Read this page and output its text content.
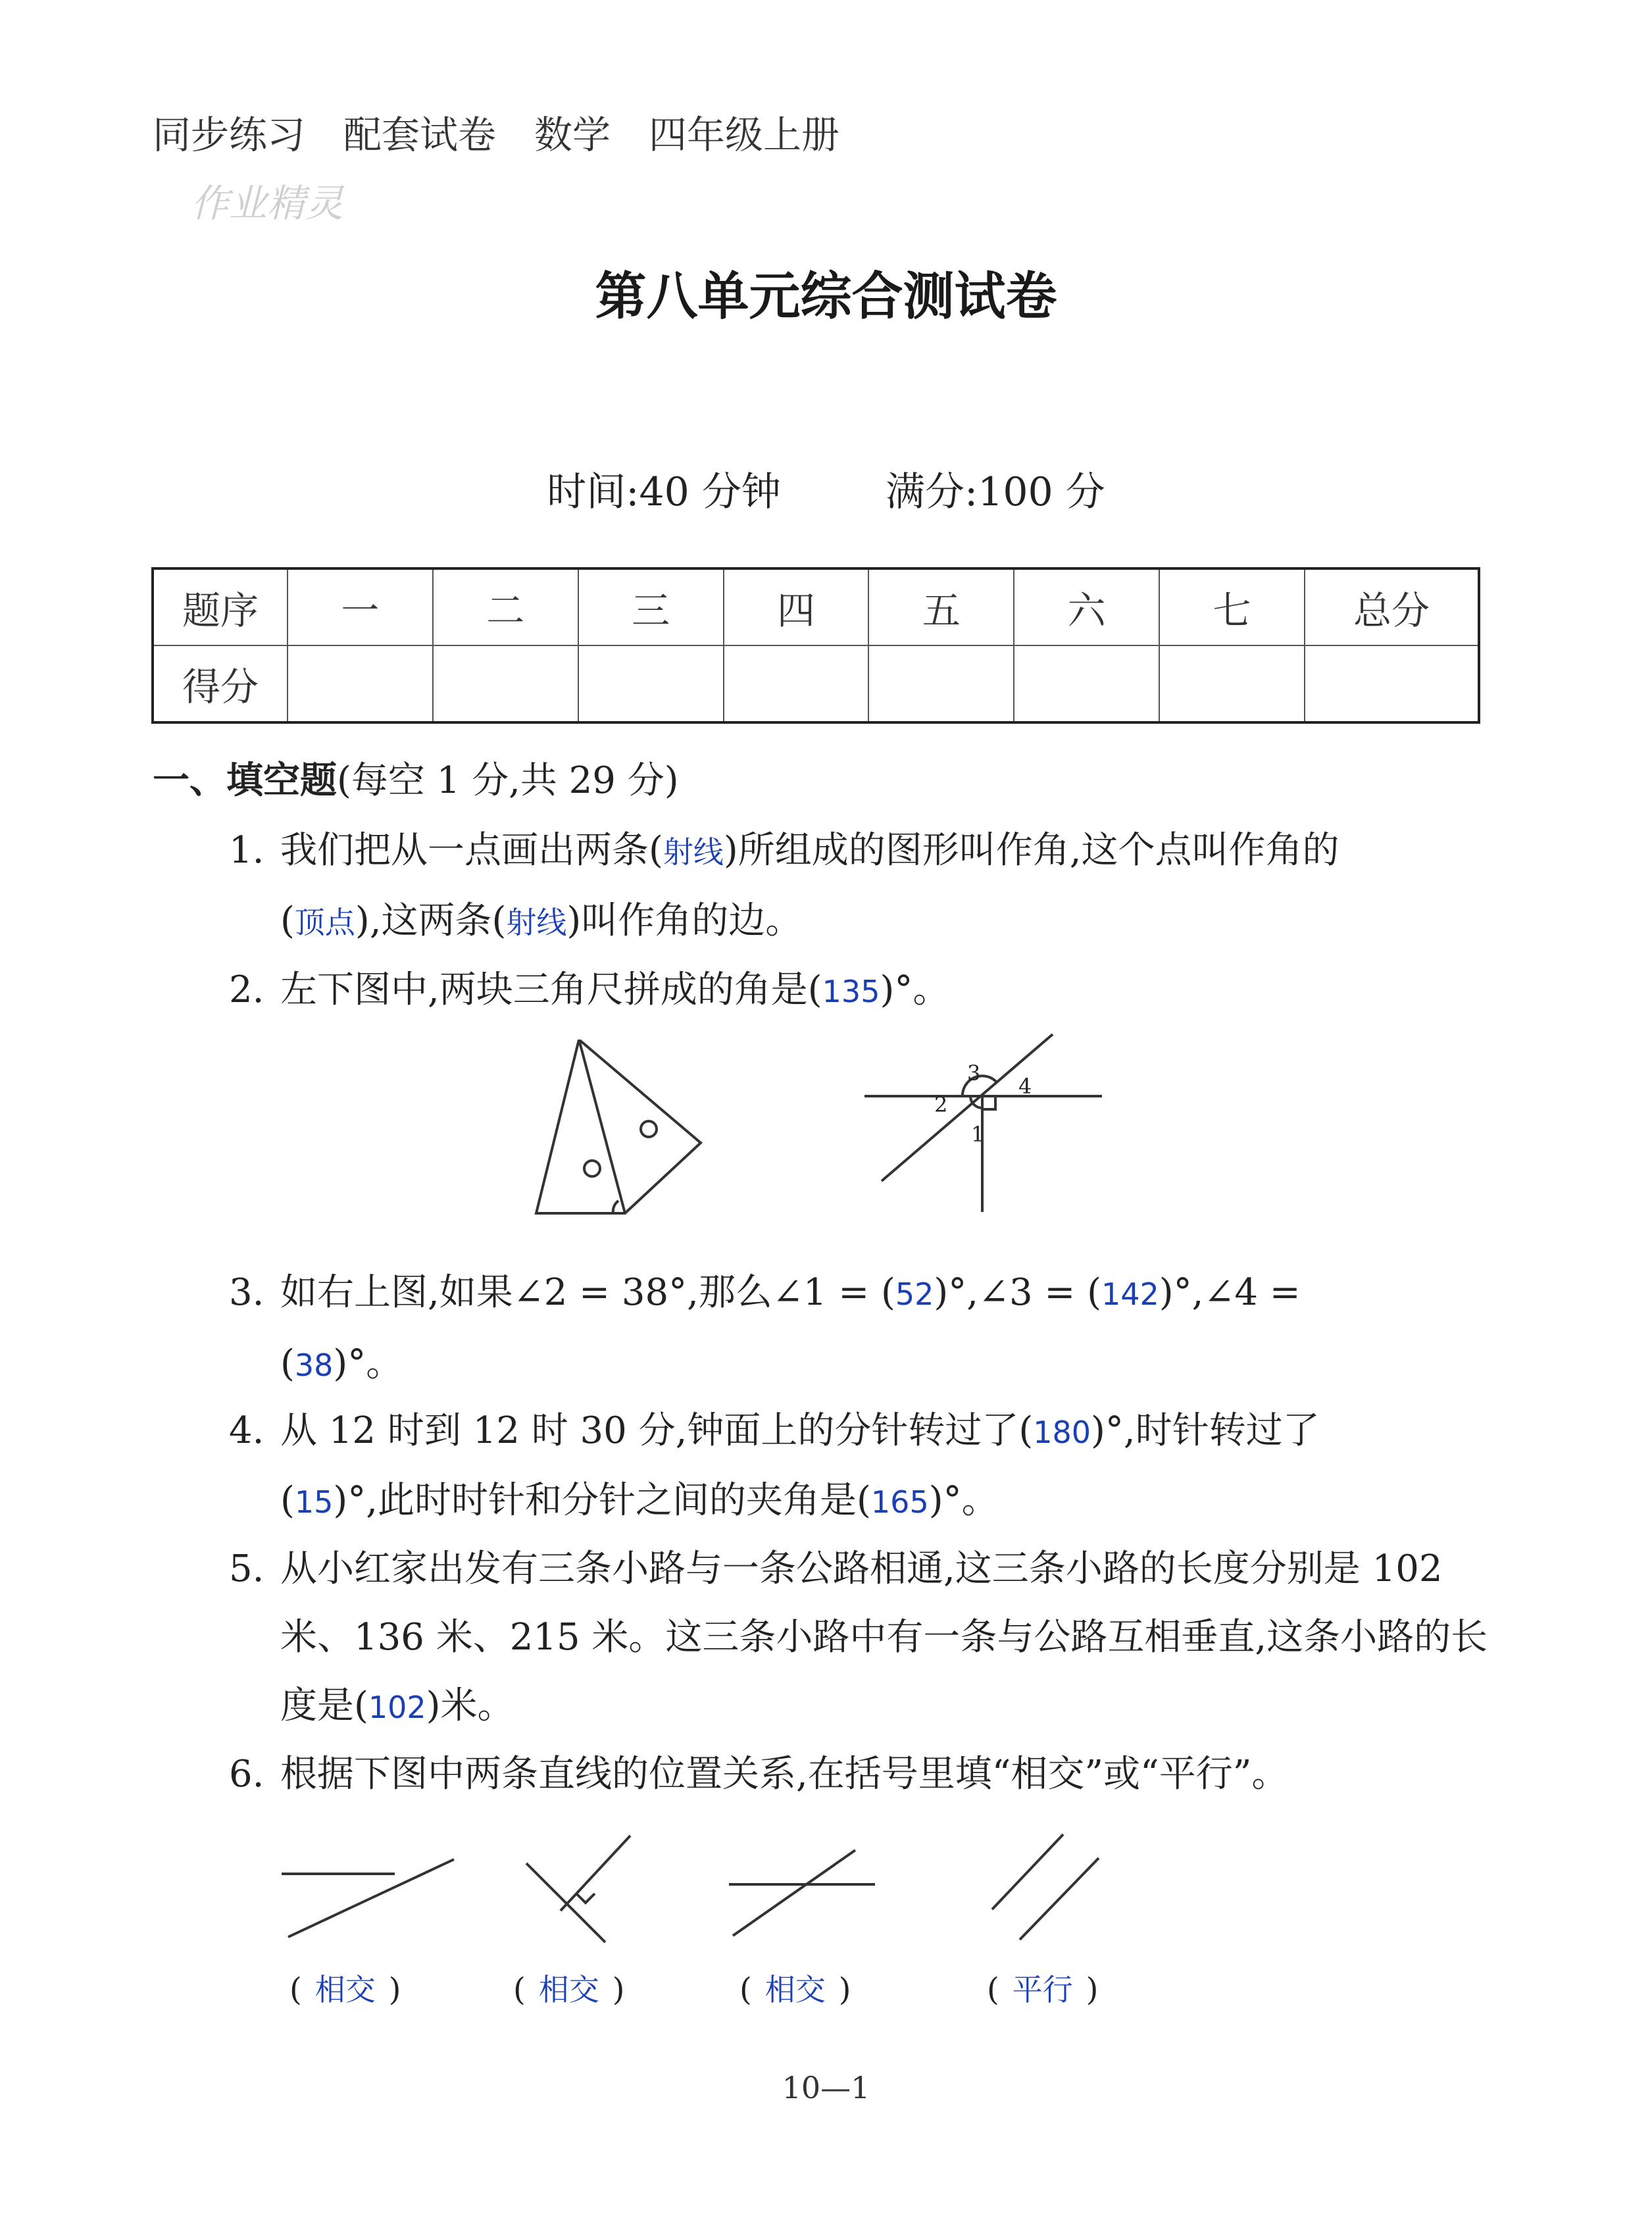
同步练习　配套试卷　数学　四年级上册
作业精灵
第八单元综合测试卷
时间:40 分钟	满分:100 分
题序	一	二	三	四	五	六	七	总分
得分								
一、填空题(每空 1 分,共 29 分)
1. 我们把从一点画出两条(射线)所组成的图形叫作角,这个点叫作角的
(顶点),这两条(射线)叫作角的边。
2. 左下图中,两块三角尺拼成的角是(135)°。
3
4
2
1
3. 如右上图,如果∠2 = 38°,那么∠1 = (52)°,∠3 = (142)°,∠4 =
(38)°。
4. 从 12 时到 12 时 30 分,钟面上的分针转过了(180)°,时针转过了
(15)°,此时时针和分针之间的夹角是(165)°。
5. 从小红家出发有三条小路与一条公路相通,这三条小路的长度分别是 102
米、136 米、215 米。这三条小路中有一条与公路互相垂直,这条小路的长
度是(102)米。
6. 根据下图中两条直线的位置关系,在括号里填“相交”或“平行”。
( 相交 )	( 相交 )	( 相交 )	( 平行 )
10—1
